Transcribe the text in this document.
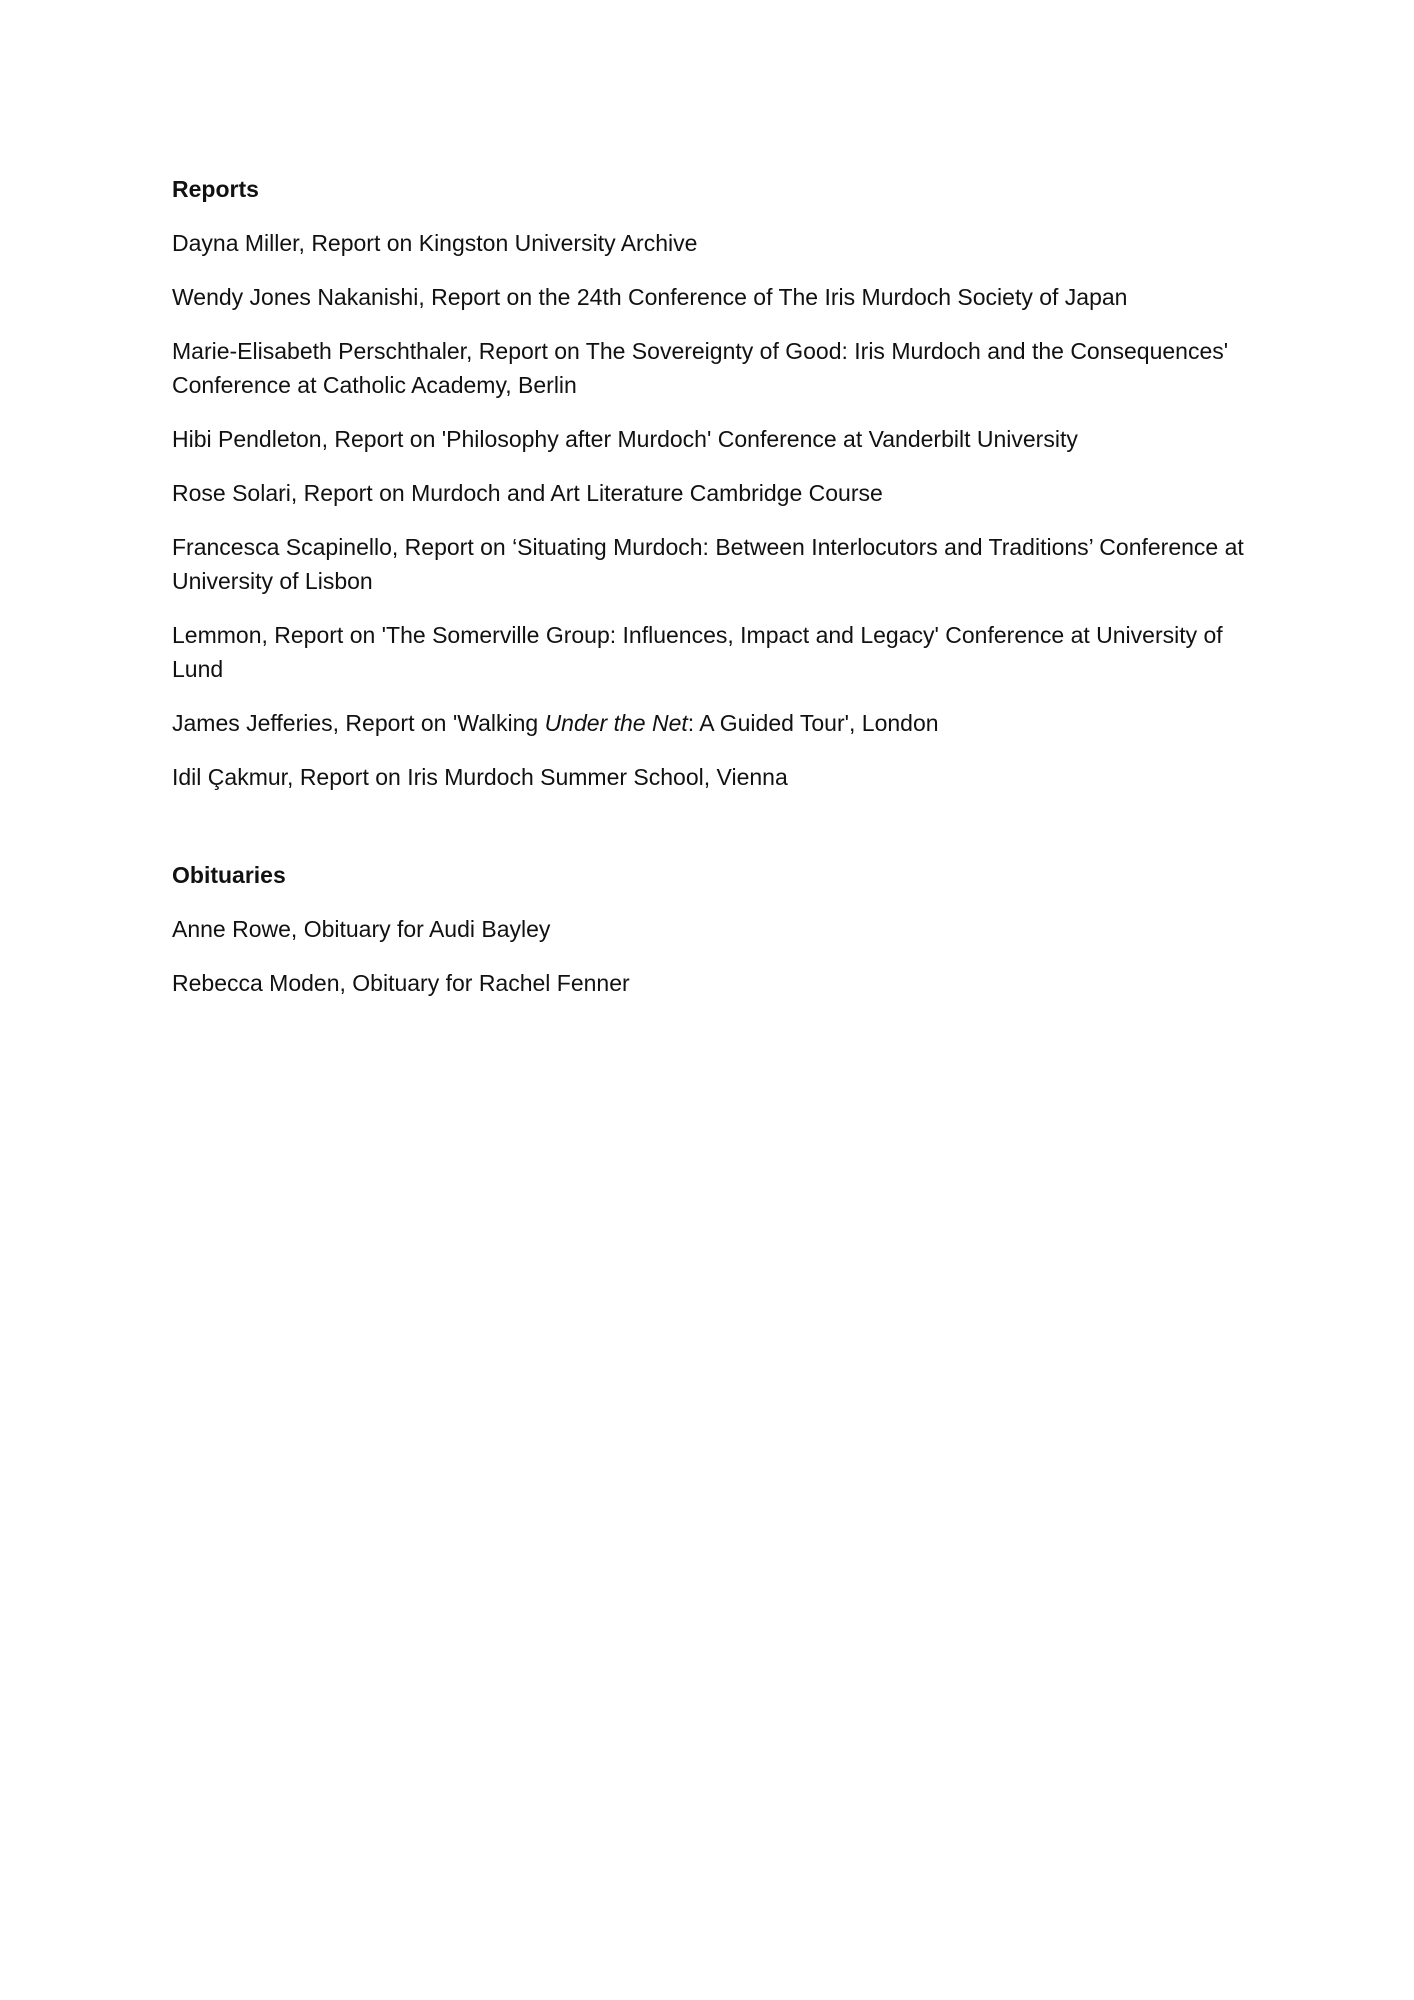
Reports
Dayna Miller, Report on Kingston University Archive
Wendy Jones Nakanishi, Report on the 24th Conference of The Iris Murdoch Society of Japan
Marie-Elisabeth Perschthaler, Report on The Sovereignty of Good: Iris Murdoch and the Consequences' Conference at Catholic Academy, Berlin
Hibi Pendleton, Report on 'Philosophy after Murdoch' Conference at Vanderbilt University
Rose Solari, Report on Murdoch and Art Literature Cambridge Course
Francesca Scapinello, Report on ‘Situating Murdoch: Between Interlocutors and Traditions’ Conference at University of Lisbon
Lemmon, Report on 'The Somerville Group: Influences, Impact and Legacy' Conference at University of Lund
James Jefferies, Report on 'Walking Under the Net: A Guided Tour', London
Idil Çakmur, Report on Iris Murdoch Summer School, Vienna
Obituaries
Anne Rowe, Obituary for Audi Bayley
Rebecca Moden, Obituary for Rachel Fenner
